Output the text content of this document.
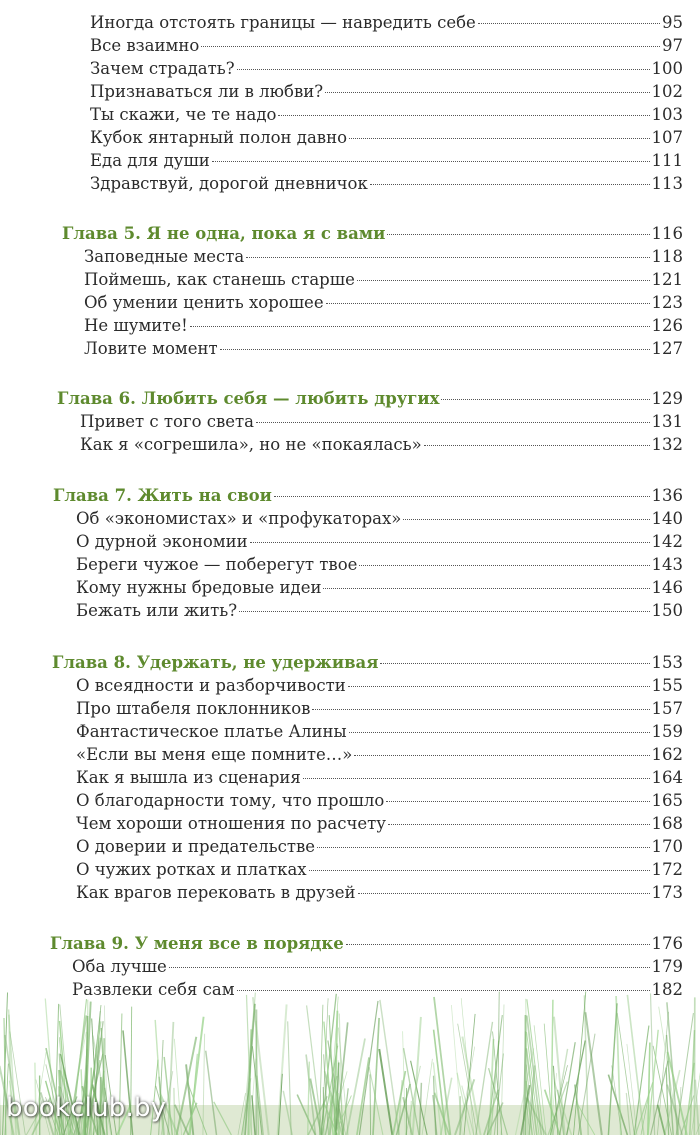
Иногда отстоять границы — навредить себе	95
Все взаимно	97
Зачем страдать?	100
Признаваться ли в любви?	102
Ты скажи, че те надо	103
Кубок янтарный полон давно	107
Еда для души	111
Здравствуй, дорогой дневничок	113
Глава 5. Я не одна, пока я с вами	116
Заповедные места	118
Поймешь, как станешь старше	121
Об умении ценить хорошее	123
Не шумите!	126
Ловите момент	127
Глава 6. Любить себя — любить других	129
Привет с того света	131
Как я «согрешила», но не «покаялась»	132
Глава 7. Жить на свои	136
Об «экономистах» и «профукаторах»	140
О дурной экономии	142
Береги чужое — поберегут твое	143
Кому нужны бредовые идеи	146
Бежать или жить?	150
Глава 8. Удержать, не удерживая	153
О всеядности и разборчивости	155
Про штабеля поклонников	157
Фантастическое платье Алины	159
«Если вы меня еще помните…»	162
Как я вышла из сценария	164
О благодарности тому, что прошло	165
Чем хороши отношения по расчету	168
О доверии и предательстве	170
О чужих ротках и платках	172
Как врагов перековать в друзей	173
Глава 9. У меня все в порядке	176
Оба лучше	179
Развлеки себя сам	182
bookclub.by
